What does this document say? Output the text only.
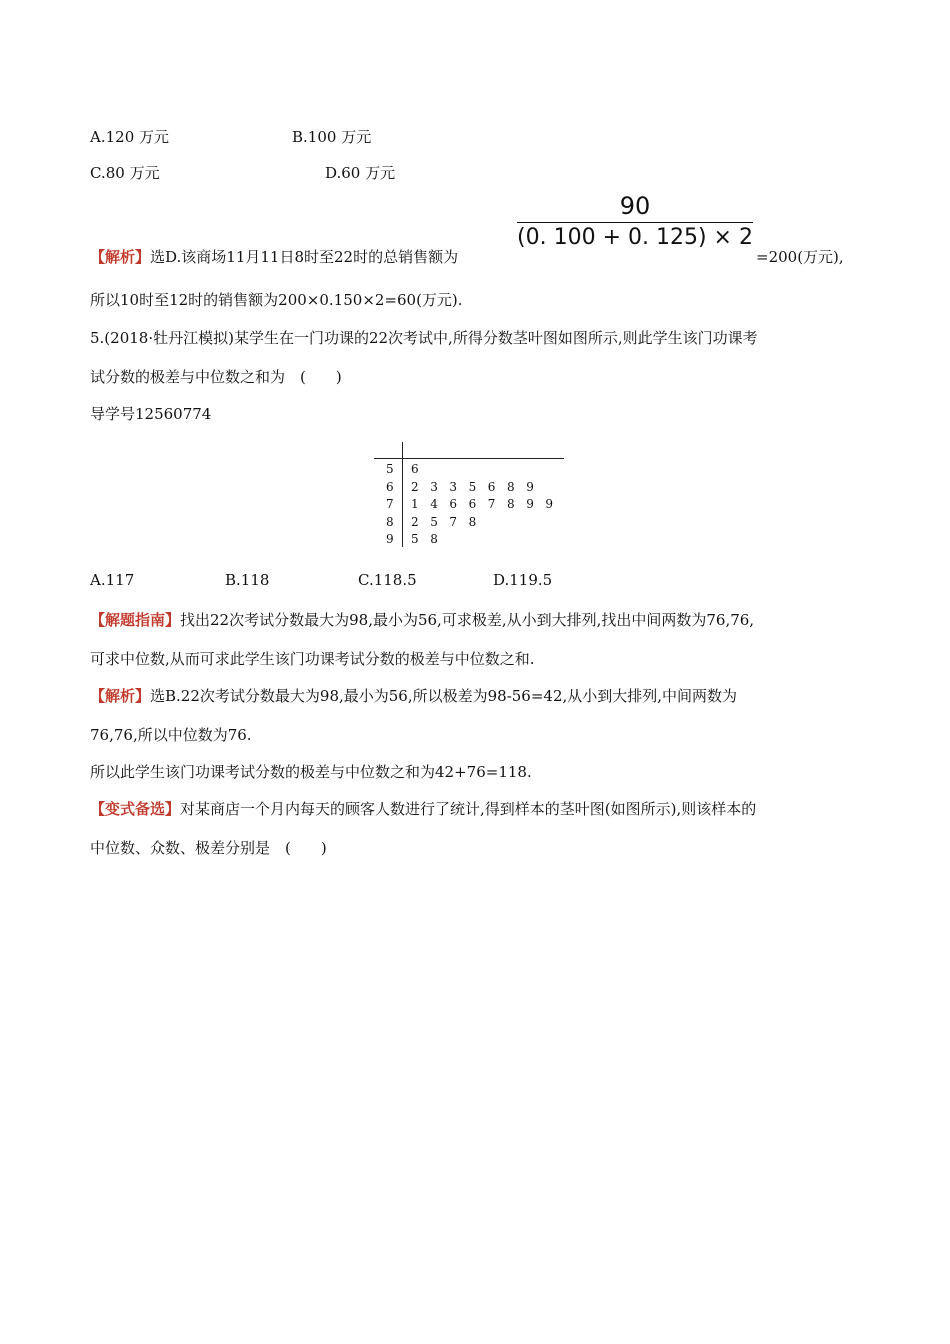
A.120 万元	B.100 万元
C.80 万元	D.60 万元
【解析】选D.该商场11月11日8时至22时的总销售额为
90
(0. 100 + 0. 125) × 2
=200(万元),
所以10时至12时的销售额为200×0.150×2=60(万元).
5.(2018·牡丹江模拟)某学生在一门功课的22次考试中,所得分数茎叶图如图所示,则此学生该门功课考
试分数的极差与中位数之和为　(　　)
导学号12560774
5 6
6 2 3 3 5 6 8 9
7 1 4 6 6 7 8 9 9
8 2 5 7 8
9 5 8
A.117	B.118	C.118.5	D.119.5
【解题指南】找出22次考试分数最大为98,最小为56,可求极差,从小到大排列,找出中间两数为76,76,
可求中位数,从而可求此学生该门功课考试分数的极差与中位数之和.
【解析】选B.22次考试分数最大为98,最小为56,所以极差为98-56=42,从小到大排列,中间两数为
76,76,所以中位数为76.
所以此学生该门功课考试分数的极差与中位数之和为42+76=118.
【变式备选】对某商店一个月内每天的顾客人数进行了统计,得到样本的茎叶图(如图所示),则该样本的
中位数、众数、极差分别是　(　　)
